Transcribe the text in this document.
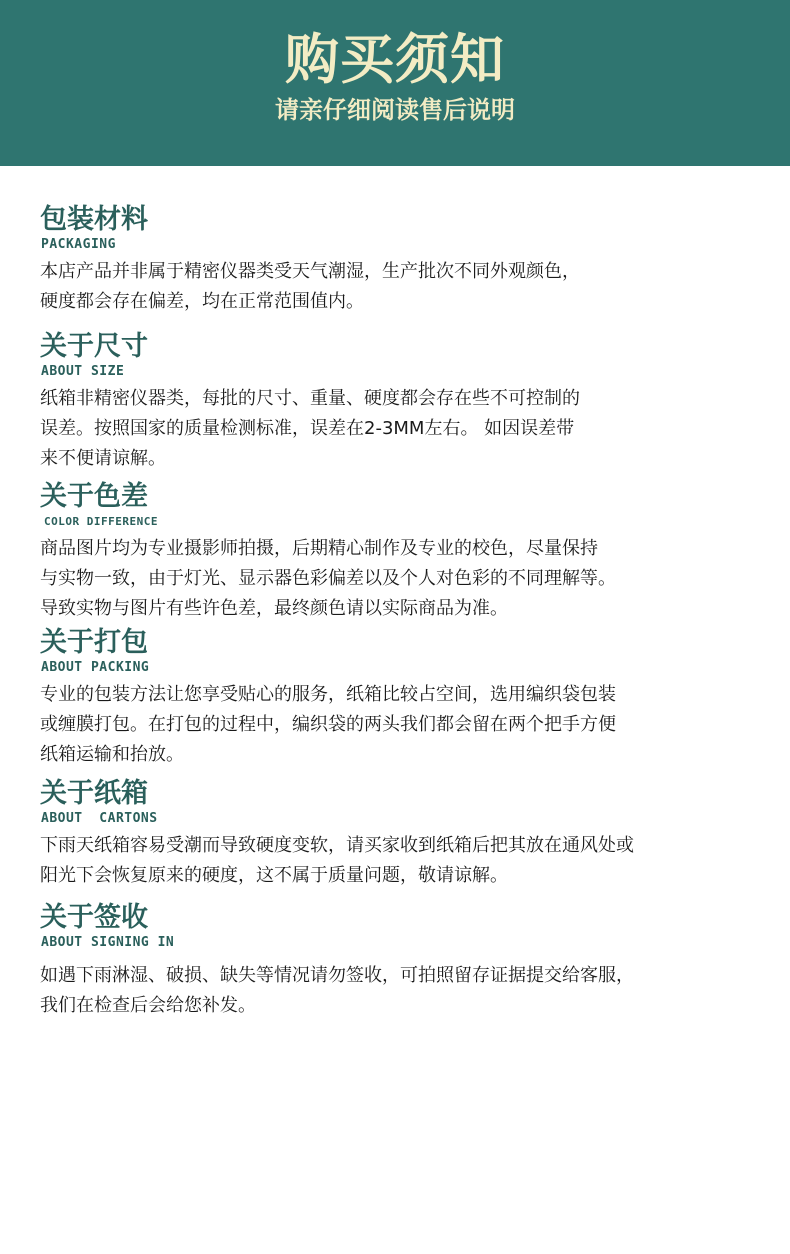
购买须知
请亲仔细阅读售后说明
包装材料
PACKAGING
本店产品并非属于精密仪器类受天气潮湿，生产批次不同外观颜色，
硬度都会存在偏差，均在正常范围值内。
关于尺寸
ABOUT SIZE
纸箱非精密仪器类，每批的尺寸、重量、硬度都会存在些不可控制的
误差。按照国家的质量检测标准，误差在2-3MM左右。 如因误差带
来不便请谅解。
关于色差
COLOR DIFFERENCE
商品图片均为专业摄影师拍摄，后期精心制作及专业的校色，尽量保持
与实物一致，由于灯光、显示器色彩偏差以及个人对色彩的不同理解等。
导致实物与图片有些许色差，最终颜色请以实际商品为准。
关于打包
ABOUT PACKING
专业的包装方法让您享受贴心的服务，纸箱比较占空间，选用编织袋包装
或缠膜打包。在打包的过程中，编织袋的两头我们都会留在两个把手方便
纸箱运输和抬放。
关于纸箱
ABOUT  CARTONS
下雨天纸箱容易受潮而导致硬度变软，请买家收到纸箱后把其放在通风处或
阳光下会恢复原来的硬度，这不属于质量问题，敬请谅解。
关于签收
ABOUT SIGNING IN
如遇下雨淋湿、破损、缺失等情况请勿签收，可拍照留存证据提交给客服，
我们在检查后会给您补发。
